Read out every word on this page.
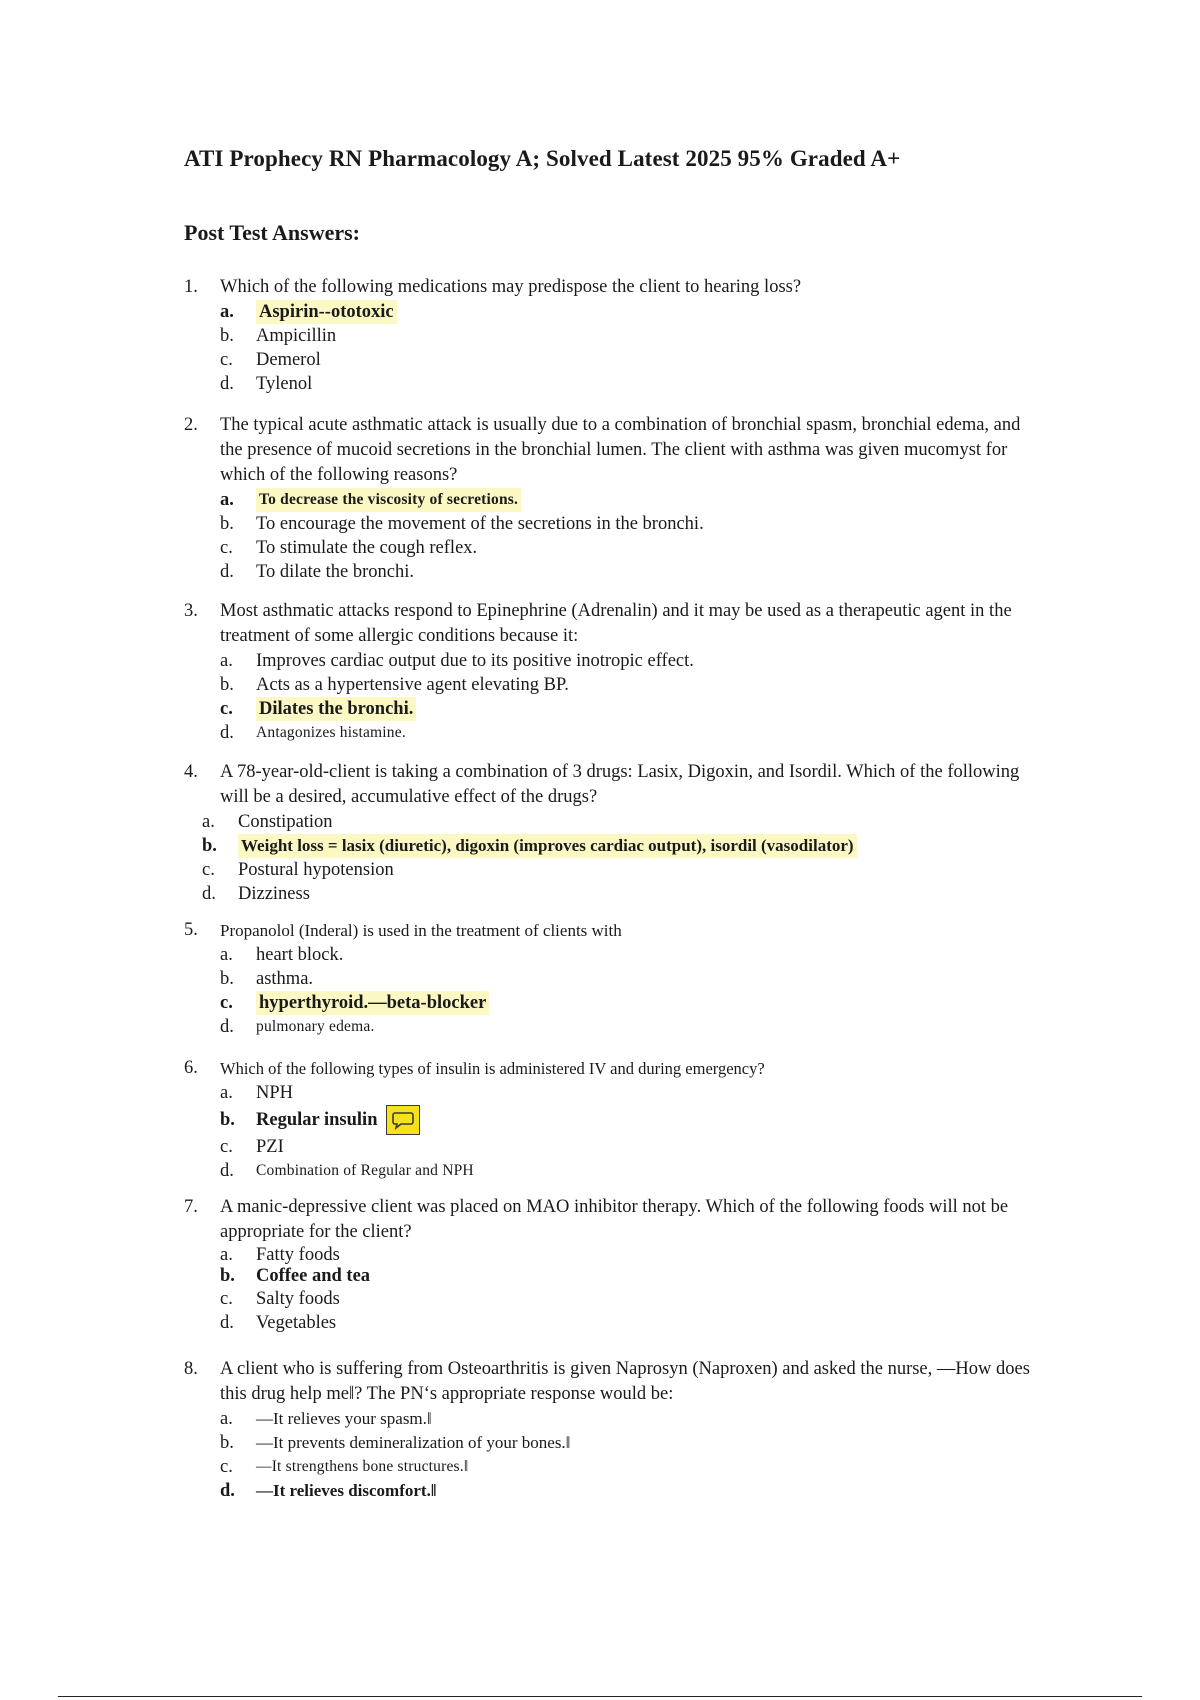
ATI Prophecy RN Pharmacology A; Solved Latest 2025 95% Graded A+
Post Test Answers:
1.	Which of the following medications may predispose the client to hearing loss?
a.	Aspirin--ototoxic
b.	Ampicillin
c.	Demerol
d.	Tylenol
2.	The typical acute asthmatic attack is usually due to a combination of bronchial spasm, bronchial edema, and the presence of mucoid secretions in the bronchial lumen. The client with asthma was given mucomyst for which of the following reasons?
a.	To decrease the viscosity of secretions.
b.	To encourage the movement of the secretions in the bronchi.
c.	To stimulate the cough reflex.
d.	To dilate the bronchi.
3.	Most asthmatic attacks respond to Epinephrine (Adrenalin) and it may be used as a therapeutic agent in the treatment of some allergic conditions because it:
a.	Improves cardiac output due to its positive inotropic effect.
b.	Acts as a hypertensive agent elevating BP.
c.	Dilates the bronchi.
d.	Antagonizes histamine.
4.	A 78-year-old-client is taking a combination of 3 drugs: Lasix, Digoxin, and Isordil. Which of the following will be a desired, accumulative effect of the drugs?
a.	Constipation
b.	Weight loss = lasix (diuretic), digoxin (improves cardiac output), isordil (vasodilator)
c.	Postural hypotension
d.	Dizziness
5.	Propanolol (Inderal) is used in the treatment of clients with
a.	heart block.
b.	asthma.
c.	hyperthyroid.—beta-blocker
d.	pulmonary edema.
6.	Which of the following types of insulin is administered IV and during emergency?
a.	NPH
b.	Regular insulin
c.	PZI
d.	Combination of Regular and NPH
7.	A manic-depressive client was placed on MAO inhibitor therapy. Which of the following foods will not be appropriate for the client?
a.	Fatty foods
b.	Coffee and tea
c.	Salty foods
d.	Vegetables
8.	A client who is suffering from Osteoarthritis is given Naprosyn (Naproxen) and asked the nurse, —How does this drug help me‖? The PN‘s appropriate response would be:
a.	—It relieves your spasm.‖
b.	—It prevents demineralization of your bones.‖
c.	—It strengthens bone structures.‖
d.	—It relieves discomfort.‖
